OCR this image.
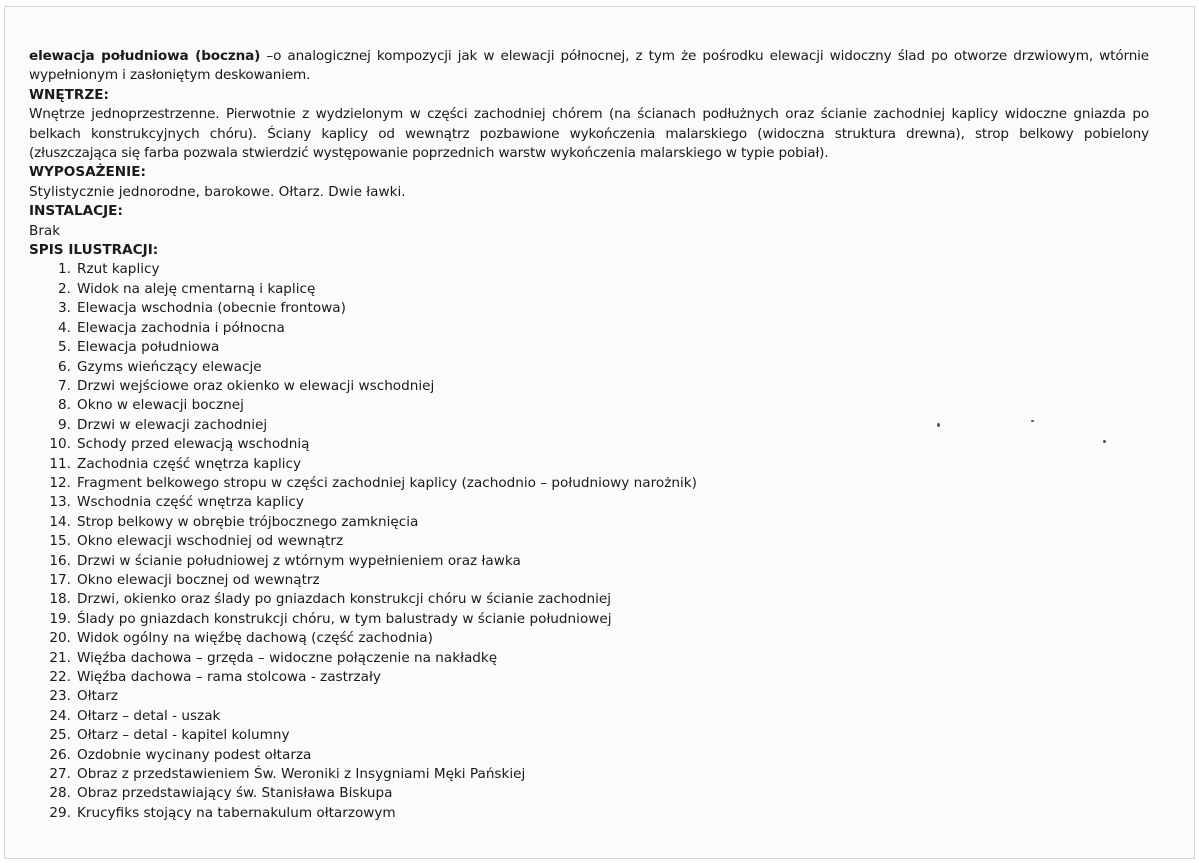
elewacja południowa (boczna) –o analogicznej kompozycji jak w elewacji północnej, z tym że pośrodku elewacji widoczny ślad po otworze drzwiowym, wtórnie wypełnionym i zasłoniętym deskowaniem.

WNĘTRZE:

Wnętrze jednoprzestrzenne. Pierwotnie z wydzielonym w części zachodniej chórem (na ścianach podłużnych oraz ścianie zachodniej kaplicy widoczne gniazda po belkach konstrukcyjnych chóru). Ściany kaplicy od wewnątrz pozbawione wykończenia malarskiego (widoczna struktura drewna), strop belkowy pobielony (złuszczająca się farba pozwala stwierdzić występowanie poprzednich warstw wykończenia malarskiego w typie pobiał).

WYPOSAŻENIE:

Stylistycznie jednorodne, barokowe. Ołtarz. Dwie ławki.

INSTALACJE:

Brak

SPIS ILUSTRACJI:

1. Rzut kaplicy
2. Widok na aleję cmentarną i kaplicę
3. Elewacja wschodnia (obecnie frontowa)
4. Elewacja zachodnia i północna
5. Elewacja południowa
6. Gzyms wieńczący elewacje
7. Drzwi wejściowe oraz okienko w elewacji wschodniej
8. Okno w elewacji bocznej
9. Drzwi w elewacji zachodniej
10. Schody przed elewacją wschodnią
11. Zachodnia część wnętrza kaplicy
12. Fragment belkowego stropu w części zachodniej kaplicy (zachodnio – południowy narożnik)
13. Wschodnia część wnętrza kaplicy
14. Strop belkowy w obrębie trójbocznego zamknięcia
15. Okno elewacji wschodniej od wewnątrz
16. Drzwi w ścianie południowej z wtórnym wypełnieniem oraz ławka
17. Okno elewacji bocznej od wewnątrz
18. Drzwi, okienko oraz ślady po gniazdach konstrukcji chóru w ścianie zachodniej
19. Ślady po gniazdach konstrukcji chóru, w tym balustrady w ścianie południowej
20. Widok ogólny na więźbę dachową (część zachodnia)
21. Więźba dachowa – grzęda – widoczne połączenie na nakładkę
22. Więźba dachowa – rama stolcowa - zastrzały
23. Ołtarz
24. Ołtarz – detal - uszak
25. Ołtarz – detal - kapitel kolumny
26. Ozdobnie wycinany podest ołtarza
27. Obraz z przedstawieniem Św. Weroniki z Insygniami Męki Pańskiej
28. Obraz przedstawiający św. Stanisława Biskupa
29. Krucyfiks stojący na tabernakulum ołtarzowym
